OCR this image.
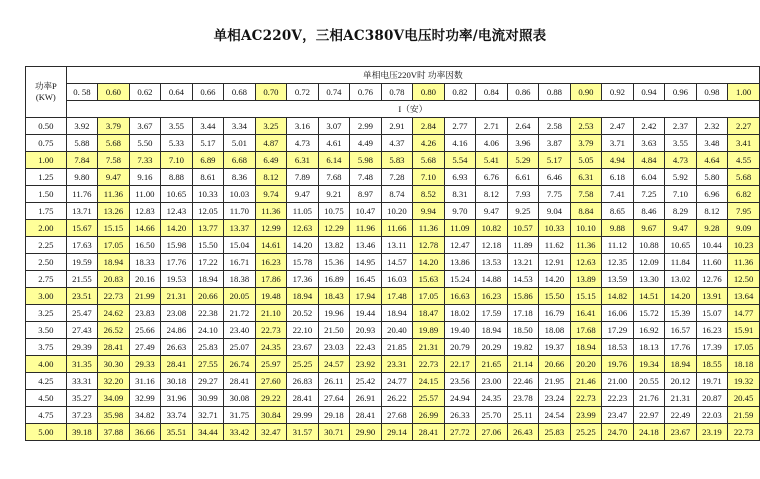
单相AC220V，三相AC380V电压时功率/电流对照表
功率P
(KW)	单相电压220V时 功率因数																					
	0. 58	0.60	0.62	0.64	0.66	0.68	0.70	0.72	0.74	0.76	0.78	0.80	0.82	0.84	0.86	0.88	0.90	0.92	0.94	0.96	0.98	1.00
	I（安）																					
0.50	3.92	3.79	3.67	3.55	3.44	3.34	3.25	3.16	3.07	2.99	2.91	2.84	2.77	2.71	2.64	2.58	2.53	2.47	2.42	2.37	2.32	2.27
0.75	5.88	5.68	5.50	5.33	5.17	5.01	4.87	4.73	4.61	4.49	4.37	4.26	4.16	4.06	3.96	3.87	3.79	3.71	3.63	3.55	3.48	3.41
1.00	7.84	7.58	7.33	7.10	6.89	6.68	6.49	6.31	6.14	5.98	5.83	5.68	5.54	5.41	5.29	5.17	5.05	4.94	4.84	4.73	4.64	4.55
1.25	9.80	9.47	9.16	8.88	8.61	8.36	8.12	7.89	7.68	7.48	7.28	7.10	6.93	6.76	6.61	6.46	6.31	6.18	6.04	5.92	5.80	5.68
1.50	11.76	11.36	11.00	10.65	10.33	10.03	9.74	9.47	9.21	8.97	8.74	8.52	8.31	8.12	7.93	7.75	7.58	7.41	7.25	7.10	6.96	6.82
1.75	13.71	13.26	12.83	12.43	12.05	11.70	11.36	11.05	10.75	10.47	10.20	9.94	9.70	9.47	9.25	9.04	8.84	8.65	8.46	8.29	8.12	7.95
2.00	15.67	15.15	14.66	14.20	13.77	13.37	12.99	12.63	12.29	11.96	11.66	11.36	11.09	10.82	10.57	10.33	10.10	9.88	9.67	9.47	9.28	9.09
2.25	17.63	17.05	16.50	15.98	15.50	15.04	14.61	14.20	13.82	13.46	13.11	12.78	12.47	12.18	11.89	11.62	11.36	11.12	10.88	10.65	10.44	10.23
2.50	19.59	18.94	18.33	17.76	17.22	16.71	16.23	15.78	15.36	14.95	14.57	14.20	13.86	13.53	13.21	12.91	12.63	12.35	12.09	11.84	11.60	11.36
2.75	21.55	20.83	20.16	19.53	18.94	18.38	17.86	17.36	16.89	16.45	16.03	15.63	15.24	14.88	14.53	14.20	13.89	13.59	13.30	13.02	12.76	12.50
3.00	23.51	22.73	21.99	21.31	20.66	20.05	19.48	18.94	18.43	17.94	17.48	17.05	16.63	16.23	15.86	15.50	15.15	14.82	14.51	14.20	13.91	13.64
3.25	25.47	24.62	23.83	23.08	22.38	21.72	21.10	20.52	19.96	19.44	18.94	18.47	18.02	17.59	17.18	16.79	16.41	16.06	15.72	15.39	15.07	14.77
3.50	27.43	26.52	25.66	24.86	24.10	23.40	22.73	22.10	21.50	20.93	20.40	19.89	19.40	18.94	18.50	18.08	17.68	17.29	16.92	16.57	16.23	15.91
3.75	29.39	28.41	27.49	26.63	25.83	25.07	24.35	23.67	23.03	22.43	21.85	21.31	20.79	20.29	19.82	19.37	18.94	18.53	18.13	17.76	17.39	17.05
4.00	31.35	30.30	29.33	28.41	27.55	26.74	25.97	25.25	24.57	23.92	23.31	22.73	22.17	21.65	21.14	20.66	20.20	19.76	19.34	18.94	18.55	18.18
4.25	33.31	32.20	31.16	30.18	29.27	28.41	27.60	26.83	26.11	25.42	24.77	24.15	23.56	23.00	22.46	21.95	21.46	21.00	20.55	20.12	19.71	19.32
4.50	35.27	34.09	32.99	31.96	30.99	30.08	29.22	28.41	27.64	26.91	26.22	25.57	24.94	24.35	23.78	23.24	22.73	22.23	21.76	21.31	20.87	20.45
4.75	37.23	35.98	34.82	33.74	32.71	31.75	30.84	29.99	29.18	28.41	27.68	26.99	26.33	25.70	25.11	24.54	23.99	23.47	22.97	22.49	22.03	21.59
5.00	39.18	37.88	36.66	35.51	34.44	33.42	32.47	31.57	30.71	29.90	29.14	28.41	27.72	27.06	26.43	25.83	25.25	24.70	24.18	23.67	23.19	22.73
